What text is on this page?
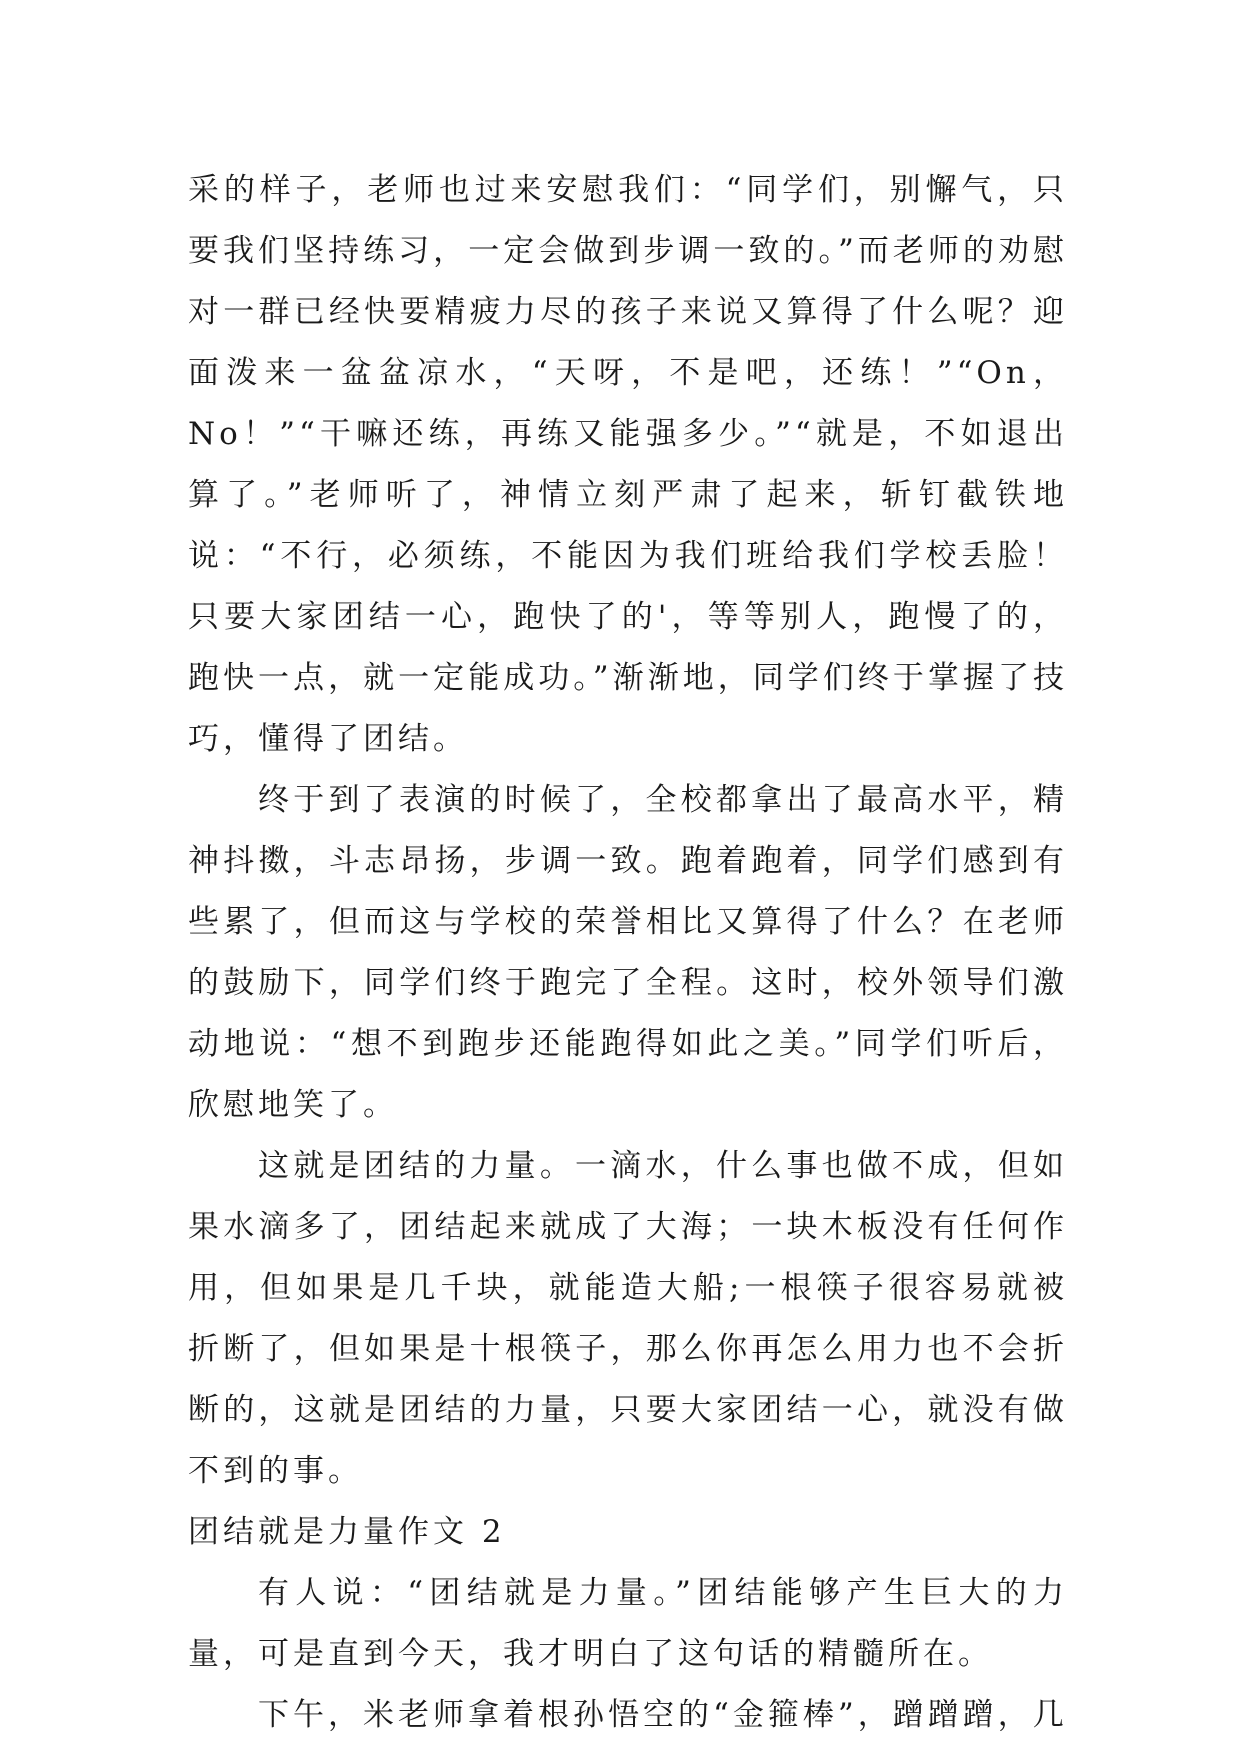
采的样子，老师也过来安慰我们：“同学们，别懈气，只要我们坚持练习，一定会做到步调一致的。”而老师的劝慰对一群已经快要精疲力尽的孩子来说又算得了什么呢？迎面泼来一盆盆凉水，“天呀，不是吧，还练！”“On，No！”“干嘛还练，再练又能强多少。”“就是，不如退出算了。”老师听了，神情立刻严肃了起来，斩钉截铁地说：“不行，必须练，不能因为我们班给我们学校丢脸！只要大家团结一心，跑快了的'，等等别人，跑慢了的，跑快一点，就一定能成功。”渐渐地，同学们终于掌握了技巧，懂得了团结。

终于到了表演的时候了，全校都拿出了最高水平，精神抖擞，斗志昂扬，步调一致。跑着跑着，同学们感到有些累了，但而这与学校的荣誉相比又算得了什么？在老师的鼓励下，同学们终于跑完了全程。这时，校外领导们激动地说：“想不到跑步还能跑得如此之美。”同学们听后，欣慰地笑了。

这就是团结的力量。一滴水，什么事也做不成，但如果水滴多了，团结起来就成了大海；一块木板没有任何作用，但如果是几千块，就能造大船;一根筷子很容易就被折断了，但如果是十根筷子，那么你再怎么用力也不会折断的，这就是团结的力量，只要大家团结一心，就没有做不到的事。

团结就是力量作文 2

有人说：“团结就是力量。”团结能够产生巨大的力量，可是直到今天，我才明白了这句话的精髓所在。

下午，米老师拿着根孙悟空的“金箍棒”，蹭蹭蹭，几
